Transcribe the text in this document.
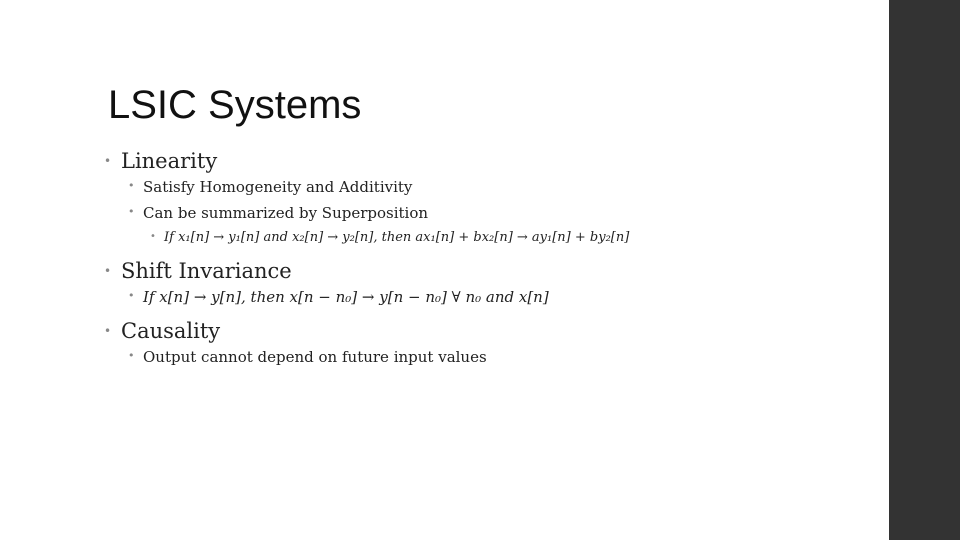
LSIC Systems
• Linearity
• Satisfy Homogeneity and Additivity
• Can be summarized by Superposition
• If x₁[n] → y₁[n] and x₂[n] → y₂[n], then ax₁[n] + bx₂[n] → ay₁[n] + by₂[n]
• Shift Invariance
• If x[n] → y[n], then x[n − n₀] → y[n − n₀] ∀ n₀ and x[n]
• Causality
• Output cannot depend on future input values
